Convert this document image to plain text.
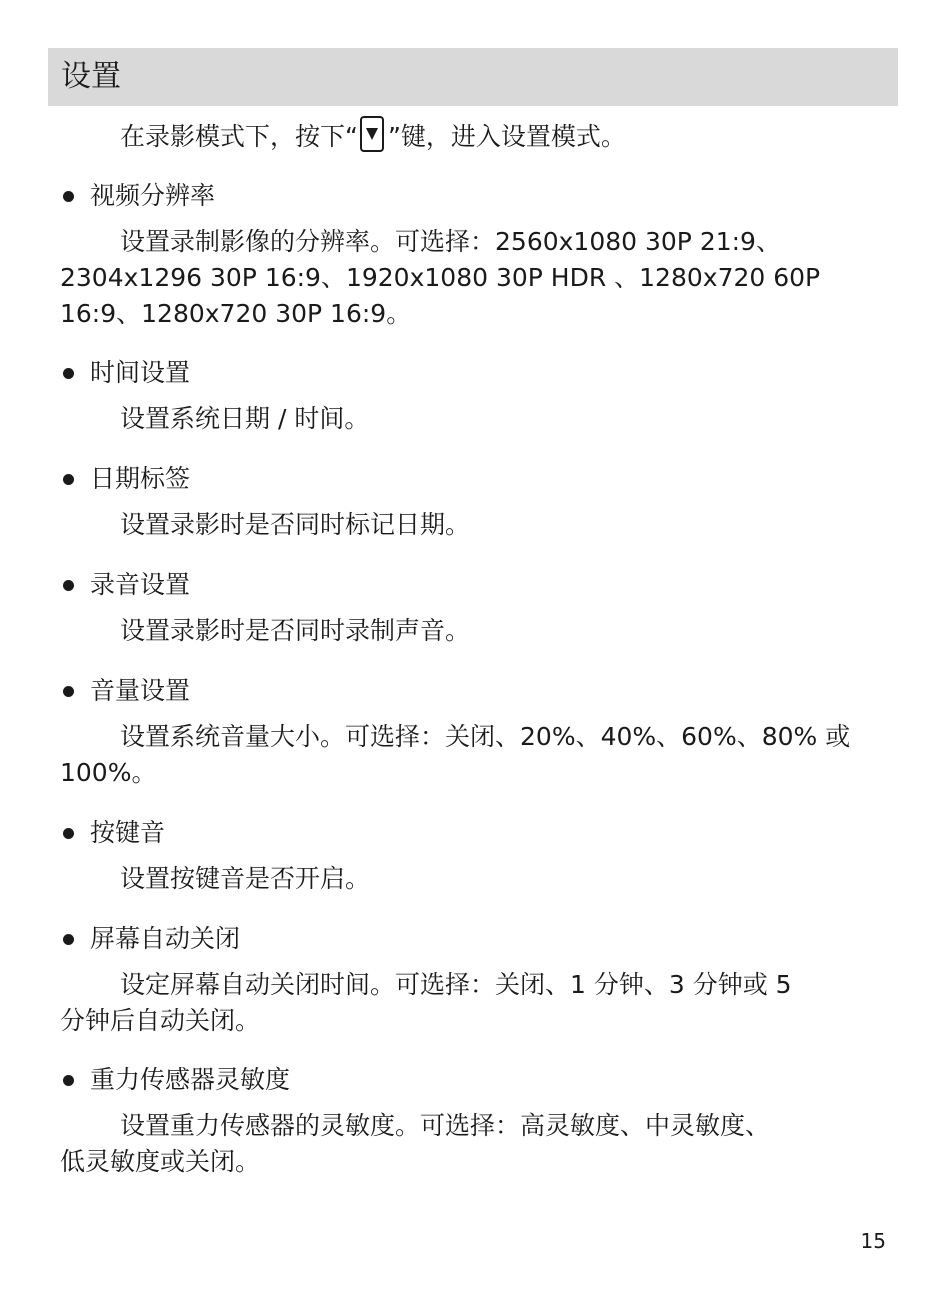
设置
在录影模式下，按下“ ”键，进入设置模式。
视频分辨率
设置录制影像的分辨率。可选择：2560x1080 30P 21:9、
2304x1296 30P 16:9、1920x1080 30P HDR 、1280x720 60P
16:9、1280x720 30P 16:9。
时间设置
设置系统日期 / 时间。
日期标签
设置录影时是否同时标记日期。
录音设置
设置录影时是否同时录制声音。
音量设置
设置系统音量大小。可选择：关闭、20%、40%、60%、80% 或
100%。
按键音
设置按键音是否开启。
屏幕自动关闭
设定屏幕自动关闭时间。可选择：关闭、1 分钟、3 分钟或 5
分钟后自动关闭。
重力传感器灵敏度
设置重力传感器的灵敏度。可选择：高灵敏度、中灵敏度、
低灵敏度或关闭。
15
